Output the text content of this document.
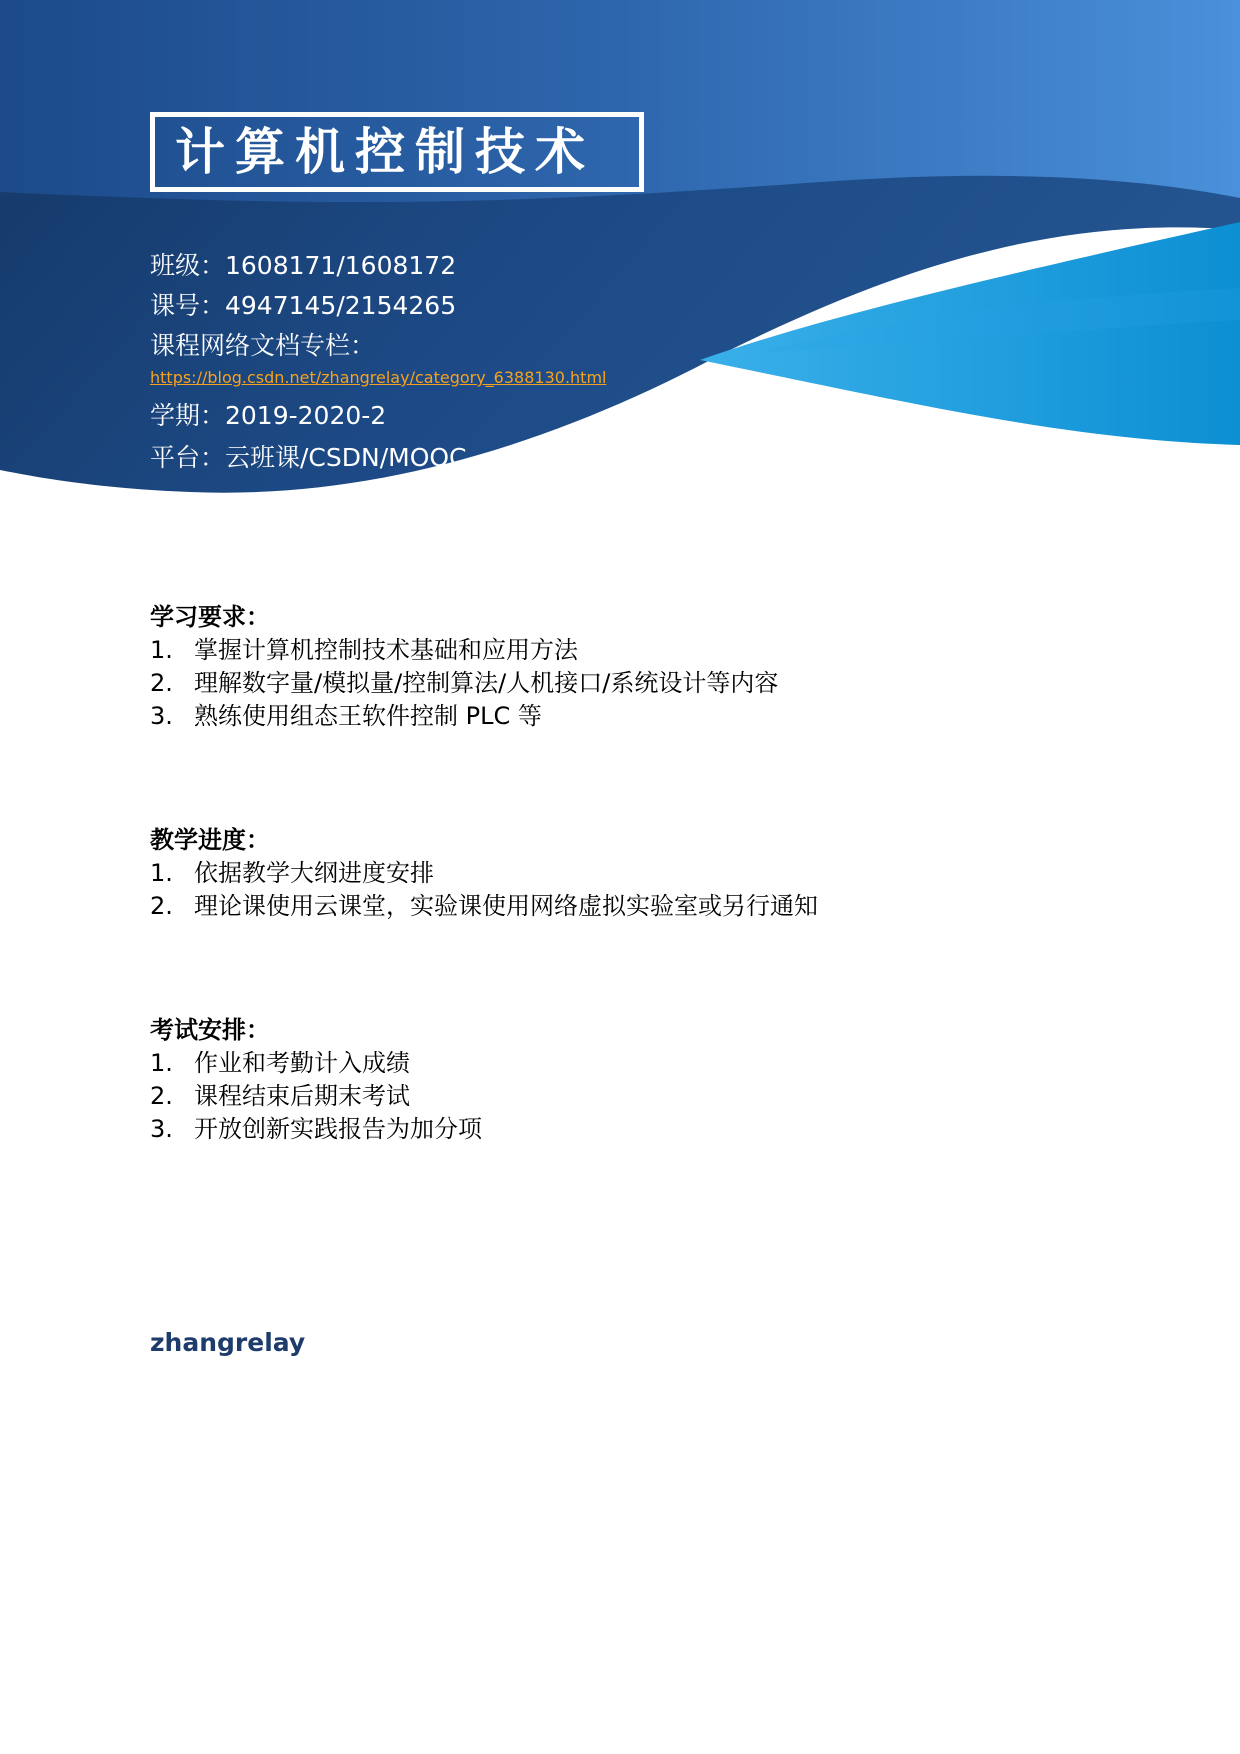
计算机控制技术
班级：1608171/1608172
课号：4947145/2154265
课程网络文档专栏：
https://blog.csdn.net/zhangrelay/category_6388130.html
学期：2019-2020-2
平台：云班课/CSDN/MOOC
学习要求：
1. 掌握计算机控制技术基础和应用方法
2. 理解数字量/模拟量/控制算法/人机接口/系统设计等内容
3. 熟练使用组态王软件控制 PLC 等
教学进度：
1. 依据教学大纲进度安排
2. 理论课使用云课堂，实验课使用网络虚拟实验室或另行通知
考试安排：
1. 作业和考勤计入成绩
2. 课程结束后期末考试
3. 开放创新实践报告为加分项
zhangrelay
